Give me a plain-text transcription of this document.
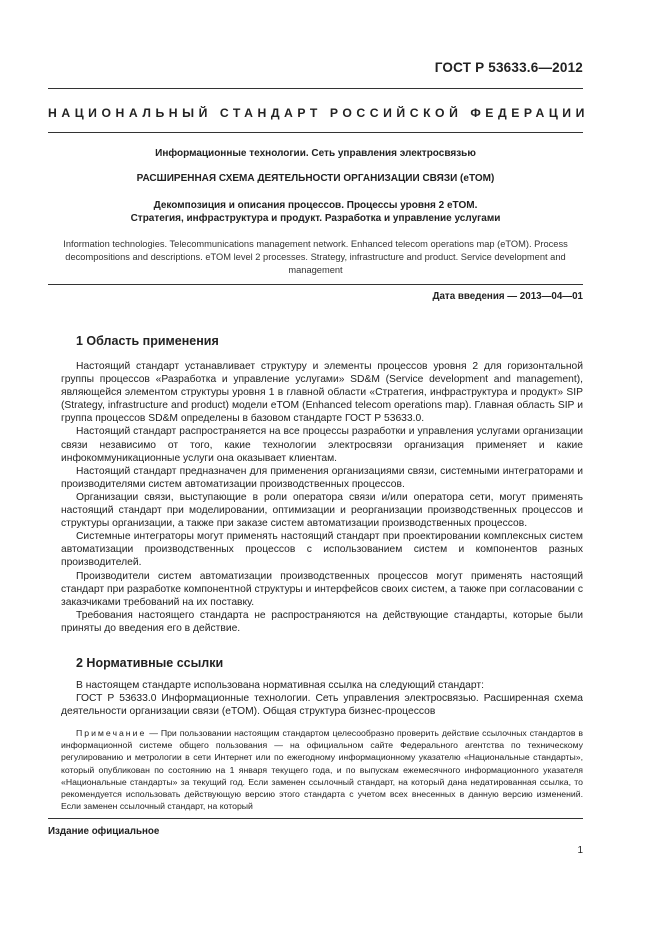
ГОСТ Р 53633.6—2012
НАЦИОНАЛЬНЫЙ СТАНДАРТ РОССИЙСКОЙ ФЕДЕРАЦИИ
Информационные технологии. Сеть управления электросвязью
РАСШИРЕННАЯ СХЕМА ДЕЯТЕЛЬНОСТИ ОРГАНИЗАЦИИ СВЯЗИ (eTOM)
Декомпозиция и описания процессов. Процессы уровня 2 eTOM.
Стратегия, инфраструктура и продукт. Разработка и управление услугами
Information technologies. Telecommunications management network. Enhanced telecom operations map (eTOM). Process decompositions and descriptions. eTOM level 2 processes. Strategy, infrastructure and product. Service development and management
Дата введения — 2013—04—01
1 Область применения

Настоящий стандарт устанавливает структуру и элементы процессов уровня 2 для горизонтальной группы процессов «Разработка и управление услугами» SD&M (Service development and management), являющейся элементом структуры уровня 1 в главной области «Стратегия, инфраструктура и продукт» SIP (Strategy, infrastructure and product) модели eTOM (Enhanced telecom operations map). Главная область SIP и группа процессов SD&M определены в базовом стандарте ГОСТ Р 53633.0.

Настоящий стандарт распространяется на все процессы разработки и управления услугами организации связи независимо от того, какие технологии электросвязи организация применяет и какие инфокоммуникационные услуги она оказывает клиентам.

Настоящий стандарт предназначен для применения организациями связи, системными интеграторами и производителями систем автоматизации производственных процессов.

Организации связи, выступающие в роли оператора связи и/или оператора сети, могут применять настоящий стандарт при моделировании, оптимизации и реорганизации производственных процессов и структуры организации, а также при заказе систем автоматизации производственных процессов.

Системные интеграторы могут применять настоящий стандарт при проектировании комплексных систем автоматизации производственных процессов с использованием систем и компонентов разных производителей.

Производители систем автоматизации производственных процессов могут применять настоящий стандарт при разработке компонентной структуры и интерфейсов своих систем, а также при согласовании с заказчиками требований на их поставку.

Требования настоящего стандарта не распространяются на действующие стандарты, которые были приняты до введения его в действие.

2 Нормативные ссылки

В настоящем стандарте использована нормативная ссылка на следующий стандарт:

ГОСТ Р 53633.0 Информационные технологии. Сеть управления электросвязью. Расширенная схема деятельности организации связи (eTOM). Общая структура бизнес-процессов

Примечание — При пользовании настоящим стандартом целесообразно проверить действие ссылочных стандартов в информационной системе общего пользования — на официальном сайте Федерального агентства по техническому регулированию и метрологии в сети Интернет или по ежегодному информационному указателю «Национальные стандарты», который опубликован по состоянию на 1 января текущего года, и по выпускам ежемесячного информационного указателя «Национальные стандарты» за текущий год. Если заменен ссылочный стандарт, на который дана недатированная ссылка, то рекомендуется использовать действующую версию этого стандарта с учетом всех внесенных в данную версию изменений. Если заменен ссылочный стандарт, на который

Издание официальное
1
